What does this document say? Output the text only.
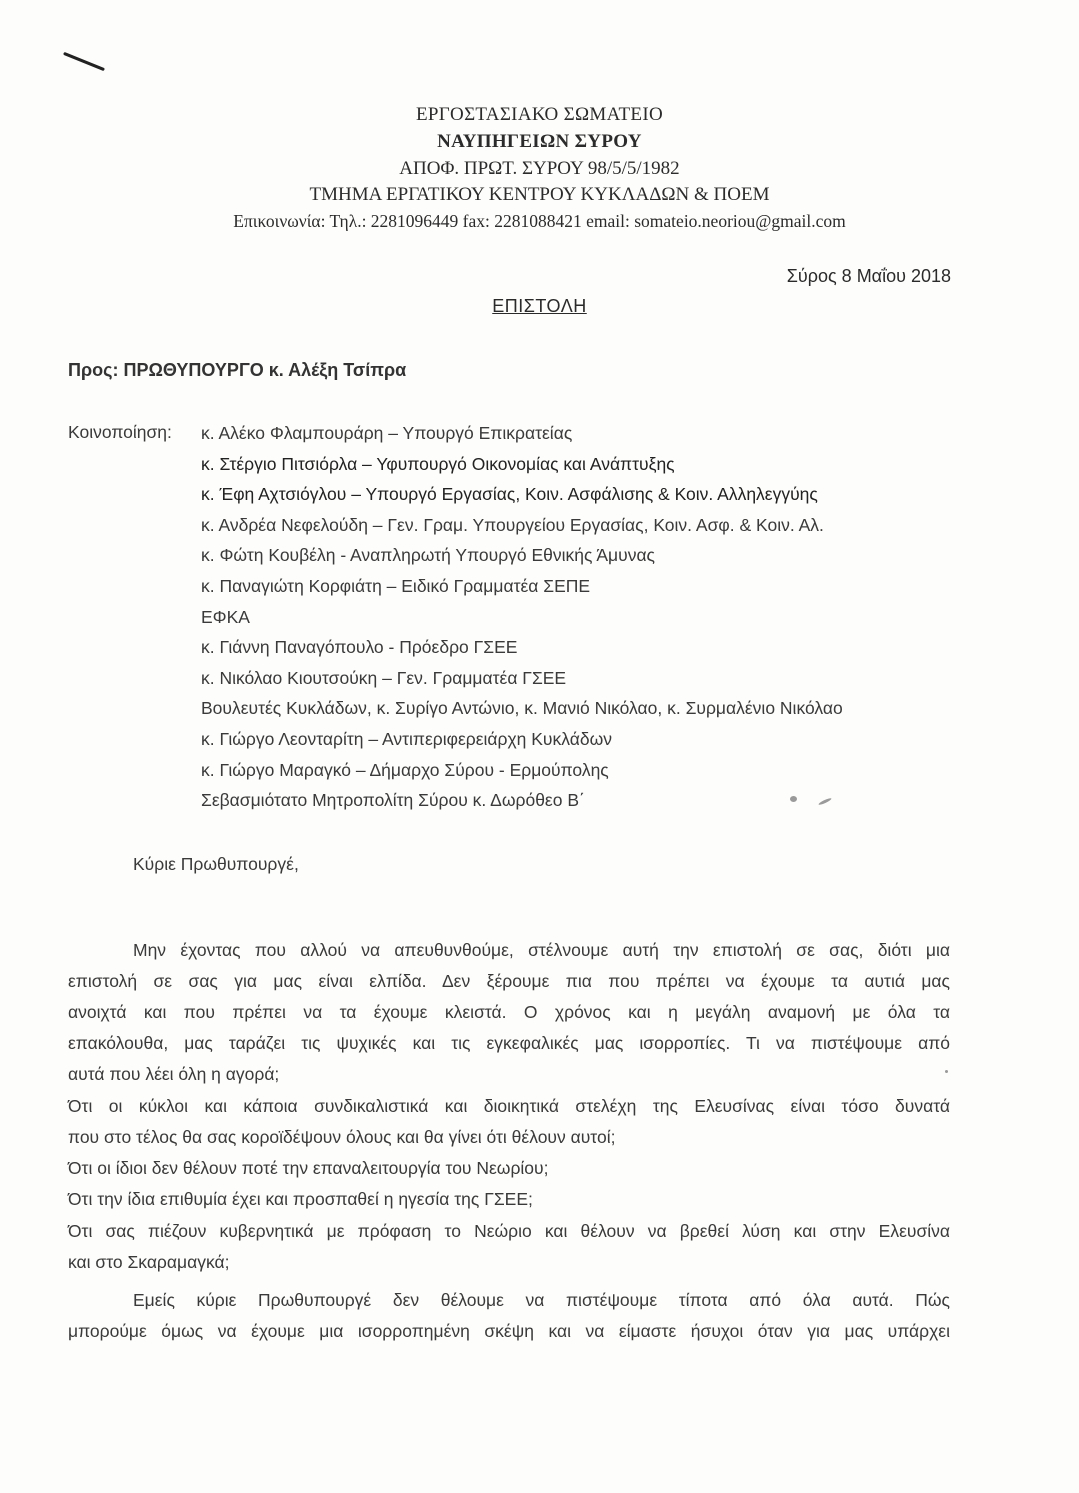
ΕΡΓΟΣΤΑΣΙΑΚΟ ΣΩΜΑΤΕΙΟ
ΝΑΥΠΗΓΕΙΩΝ ΣΥΡΟΥ
ΑΠΟΦ. ΠΡΩΤ. ΣΥΡΟΥ 98/5/5/1982
ΤΜΗΜΑ ΕΡΓΑΤΙΚΟΥ ΚΕΝΤΡΟΥ ΚΥΚΛΑΔΩΝ & ΠΟΕΜ
Επικοινωνία: Τηλ.: 2281096449 fax: 2281088421 email: somateio.neoriou@gmail.com
Σύρος 8 Μαΐου 2018
ΕΠΙΣΤΟΛΗ
Προς: ΠΡΩΘΥΠΟΥΡΓΟ κ. Αλέξη Τσίπρα
Κοινοποίηση: κ. Αλέκο Φλαμπουράρη – Υπουργό Επικρατείας
κ. Στέργιο Πιτσιόρλα – Υφυπουργό Οικονομίας και Ανάπτυξης
κ. Έφη Αχτσιόγλου – Υπουργό Εργασίας, Κοιν. Ασφάλισης & Κοιν. Αλληλεγγύης
κ. Ανδρέα Νεφελούδη – Γεν. Γραμ. Υπουργείου Εργασίας, Κοιν. Ασφ. & Κοιν. Αλ.
κ. Φώτη Κουβέλη - Αναπληρωτή Υπουργό Εθνικής Άμυνας
κ. Παναγιώτη Κορφιάτη – Ειδικό Γραμματέα ΣΕΠΕ
ΕΦΚΑ
κ. Γιάννη Παναγόπουλο - Πρόεδρο ΓΣΕΕ
κ. Νικόλαο Κιουτσούκη – Γεν. Γραμματέα ΓΣΕΕ
Βουλευτές Κυκλάδων, κ. Συρίγο Αντώνιο, κ. Μανιό Νικόλαο, κ. Συρμαλένιο Νικόλαο
κ. Γιώργο Λεονταρίτη – Αντιπεριφερειάρχη Κυκλάδων
κ. Γιώργο Μαραγκό – Δήμαρχο Σύρου - Ερμούπολης
Σεβασμιότατο Μητροπολίτη Σύρου κ. Δωρόθεο Β΄
Κύριε Πρωθυπουργέ,
Μην έχοντας που αλλού να απευθυνθούμε, στέλνουμε αυτή την επιστολή σε σας, διότι μια
επιστολή σε σας για μας είναι ελπίδα. Δεν ξέρουμε πια που πρέπει να έχουμε τα αυτιά μας
ανοιχτά και που πρέπει να τα έχουμε κλειστά. Ο χρόνος και η μεγάλη αναμονή με όλα τα
επακόλουθα, μας ταράζει τις ψυχικές και τις εγκεφαλικές μας ισορροπίες. Τι να πιστέψουμε από
αυτά που λέει όλη η αγορά;
Ότι οι κύκλοι και κάποια συνδικαλιστικά και διοικητικά στελέχη της Ελευσίνας είναι τόσο δυνατά
που στο τέλος θα σας κοροϊδέψουν όλους και θα γίνει ότι θέλουν αυτοί;
Ότι οι ίδιοι δεν θέλουν ποτέ την επαναλειτουργία του Νεωρίου;
Ότι την ίδια επιθυμία έχει και προσπαθεί η ηγεσία της ΓΣΕΕ;
Ότι σας πιέζουν κυβερνητικά με πρόφαση το Νεώριο και θέλουν να βρεθεί λύση και στην Ελευσίνα
και στο Σκαραμαγκά;
Εμείς κύριε Πρωθυπουργέ δεν θέλουμε να πιστέψουμε τίποτα από όλα αυτά. Πώς
μπορούμε όμως να έχουμε μια ισορροπημένη σκέψη και να είμαστε ήσυχοι όταν για μας υπάρχει
